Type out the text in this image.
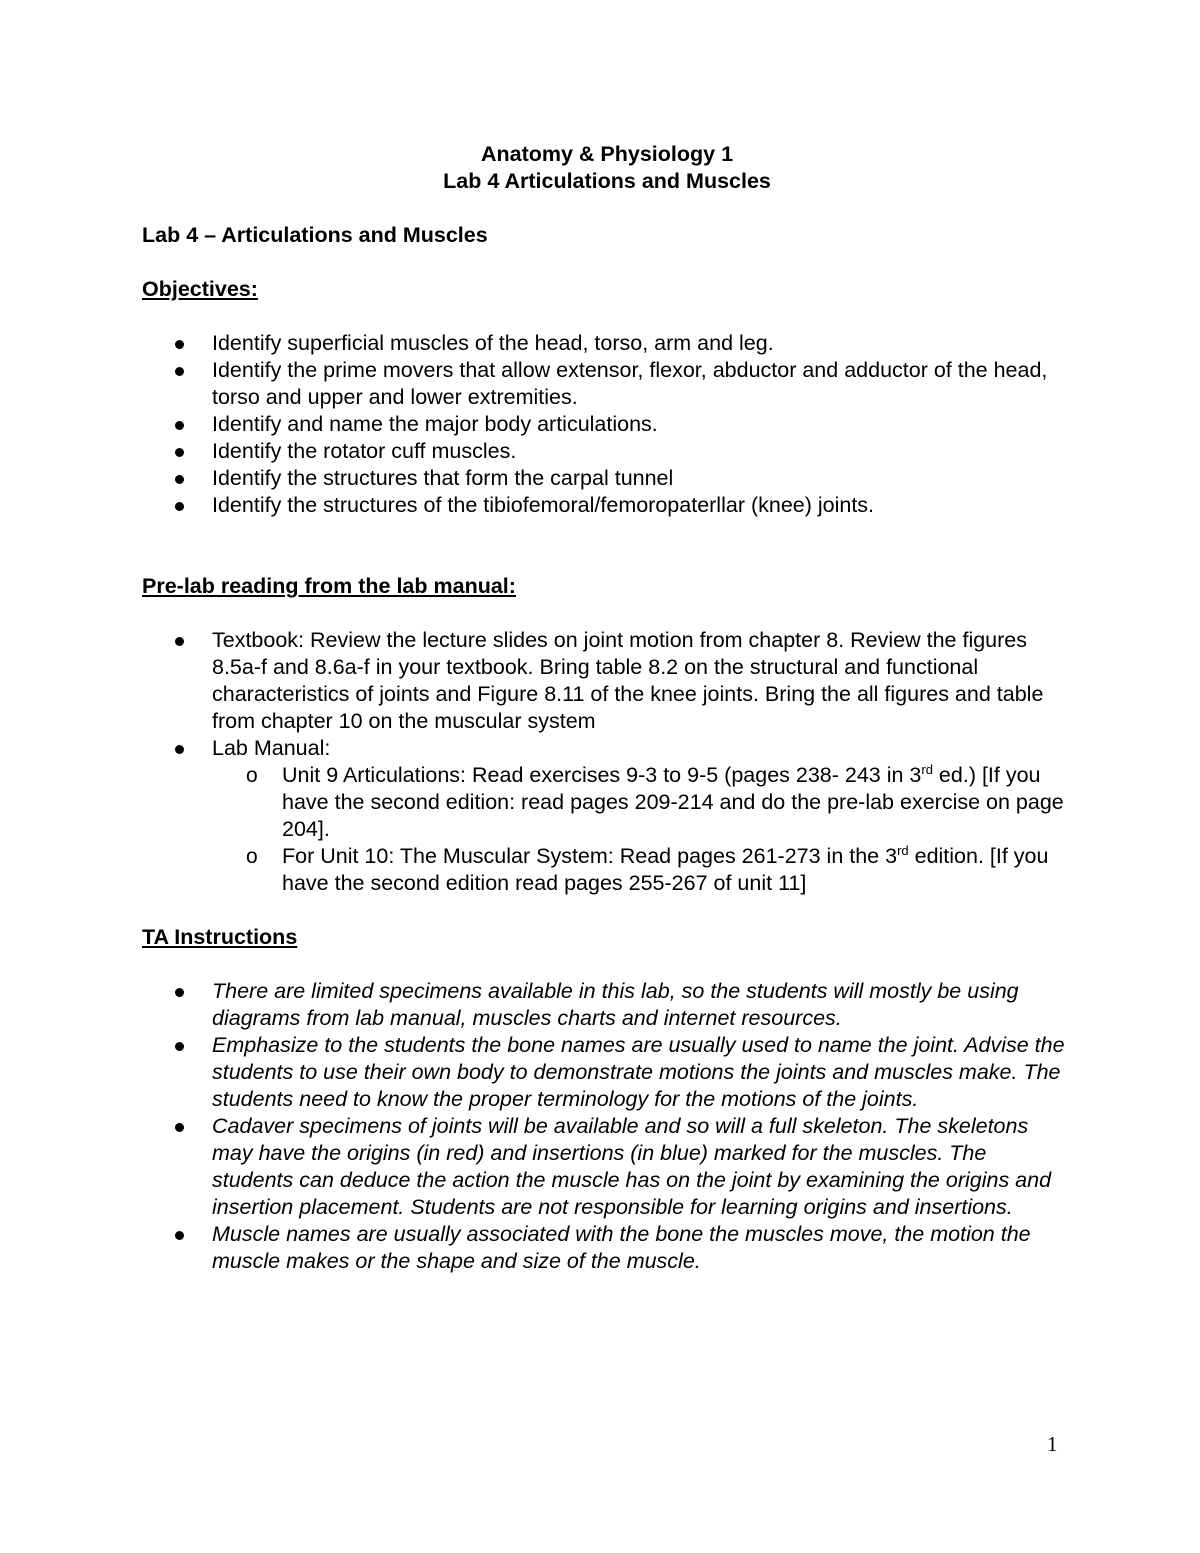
Anatomy & Physiology 1
Lab 4 Articulations and Muscles
Lab 4 – Articulations and Muscles
Objectives:
Identify superficial muscles of the head, torso, arm and leg.
Identify the prime movers that allow extensor, flexor, abductor and adductor of the head, torso and upper and lower extremities.
Identify and name the major body articulations.
Identify the rotator cuff muscles.
Identify the structures that form the carpal tunnel
Identify the structures of the tibiofemoral/femoropaterllar (knee) joints.
Pre-lab reading from the lab manual:
Textbook: Review the lecture slides on joint motion from chapter 8. Review the figures 8.5a-f and 8.6a-f in your textbook. Bring table 8.2 on the structural and functional characteristics of joints and Figure 8.11 of the knee joints. Bring the all figures and table from chapter 10 on the muscular system
Lab Manual:
o Unit 9 Articulations: Read exercises 9-3 to 9-5 (pages 238- 243 in 3rd ed.) [If you have the second edition: read pages 209-214 and do the pre-lab exercise on page 204].
o For Unit 10: The Muscular System: Read pages 261-273 in the 3rd edition. [If you have the second edition read pages 255-267 of unit 11]
TA Instructions
There are limited specimens available in this lab, so the students will mostly be using diagrams from lab manual, muscles charts and internet resources.
Emphasize to the students the bone names are usually used to name the joint. Advise the students to use their own body to demonstrate motions the joints and muscles make. The students need to know the proper terminology for the motions of the joints.
Cadaver specimens of joints will be available and so will a full skeleton. The skeletons may have the origins (in red) and insertions (in blue) marked for the muscles. The students can deduce the action the muscle has on the joint by examining the origins and insertion placement. Students are not responsible for learning origins and insertions.
Muscle names are usually associated with the bone the muscles move, the motion the muscle makes or the shape and size of the muscle.
1
